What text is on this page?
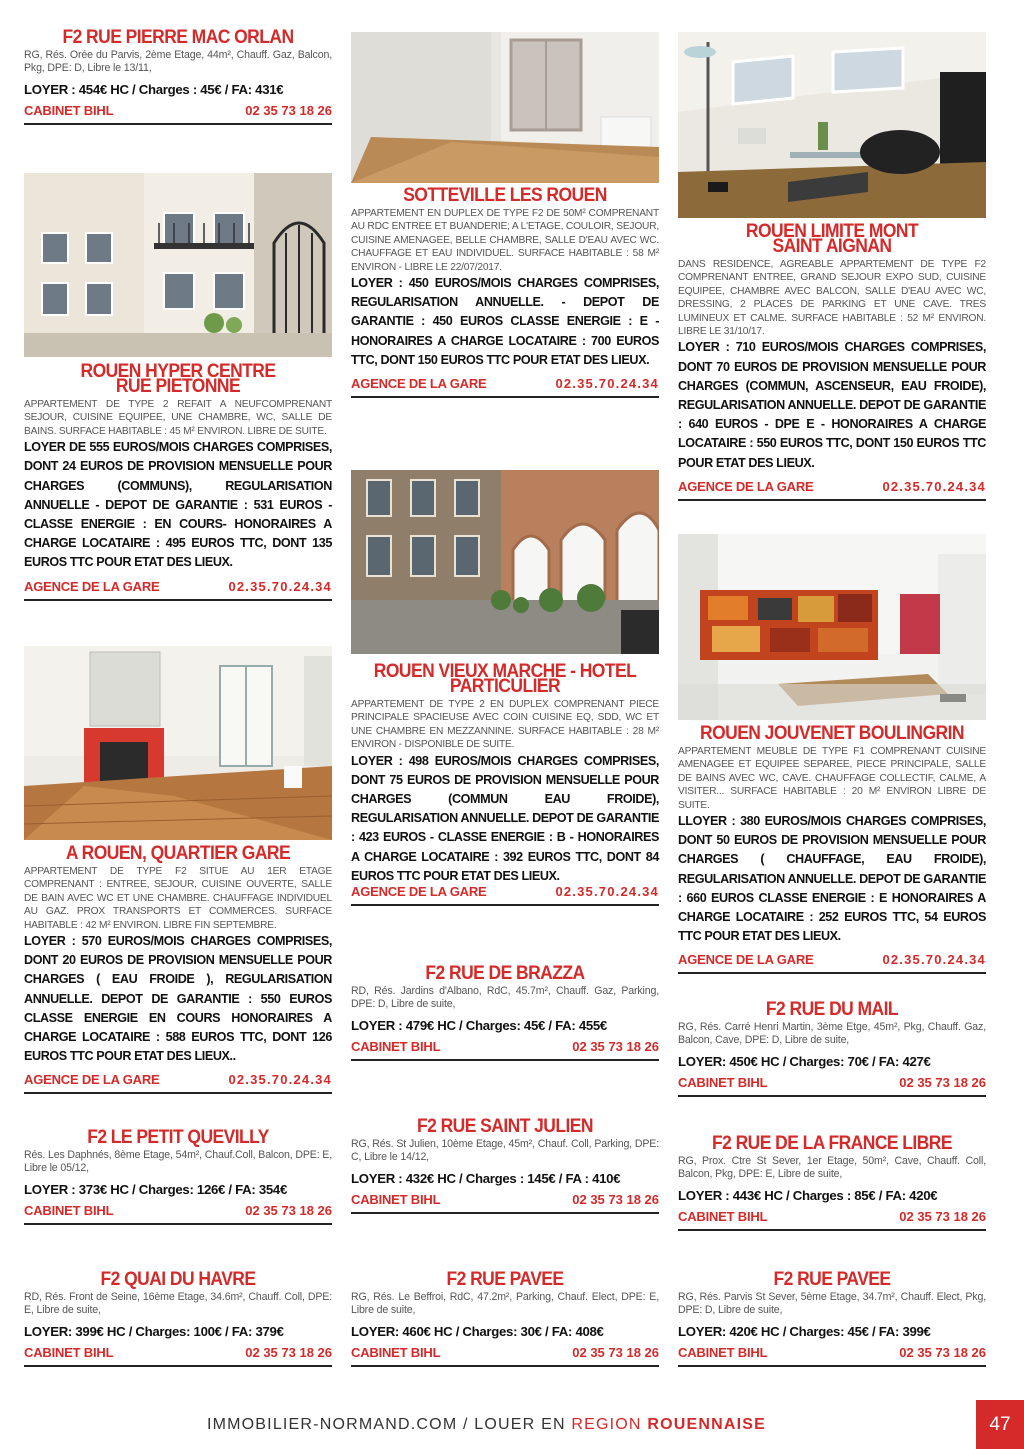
F2 RUE PIERRE MAC ORLAN
RG, Rés. Orée du Parvis, 2ème Etage, 44m², Chauff. Gaz, Balcon, Pkg, DPE: D, Libre le 13/11,
LOYER : 454€ HC / Charges : 45€ / FA: 431€
CABINET BIHL	02 35 73 18 26
ROUEN HYPER CENTRE RUE PIETONNE
APPARTEMENT DE TYPE 2 REFAIT A NEUFCOMPRENANT SEJOUR, CUISINE EQUIPEE, UNE CHAMBRE, WC, SALLE DE BAINS. SURFACE HABITABLE : 45 M² ENVIRON. LIBRE DE SUITE.
LOYER DE 555 EUROS/MOIS CHARGES COMPRISES, DONT 24 EUROS DE PROVISION MENSUELLE POUR CHARGES (COMMUNS), REGULARISATION ANNUELLE - DEPOT DE GARANTIE : 531 EUROS - CLASSE ENERGIE : EN COURS- HONORAIRES A CHARGE LOCATAIRE : 495 EUROS TTC, DONT 135 EUROS TTC POUR ETAT DES LIEUX.
AGENCE DE LA GARE	02.35.70.24.34
A ROUEN, QUARTIER GARE
APPARTEMENT DE TYPE F2 SITUE AU 1ER ETAGE COMPRENANT : ENTREE, SEJOUR, CUISINE OUVERTE, SALLE DE BAIN AVEC WC ET UNE CHAMBRE. CHAUFFAGE INDIVIDUEL AU GAZ. PROX TRANSPORTS ET COMMERCES. SURFACE HABITABLE : 42 M² ENVIRON. LIBRE FIN SEPTEMBRE.
LOYER : 570 EUROS/MOIS CHARGES COMPRISES, DONT 20 EUROS DE PROVISION MENSUELLE POUR CHARGES ( EAU FROIDE ), REGULARISATION ANNUELLE. DEPOT DE GARANTIE : 550 EUROS CLASSE ENERGIE EN COURS HONORAIRES A CHARGE LOCATAIRE : 588 EUROS TTC, DONT 126 EUROS TTC POUR ETAT DES LIEUX..
AGENCE DE LA GARE	02.35.70.24.34
F2 LE PETIT QUEVILLY
Rés. Les Daphnés, 8ème Etage, 54m², Chauf.Coll, Balcon, DPE: E, Libre le 05/12,
LOYER : 373€ HC / Charges: 126€ / FA: 354€
CABINET BIHL	02 35 73 18 26
F2 QUAI DU HAVRE
RD, Rés. Front de Seine, 16ème Etage, 34.6m², Chauff. Coll, DPE: E, Libre de suite,
LOYER: 399€ HC / Charges: 100€ / FA: 379€
CABINET BIHL	02 35 73 18 26
SOTTEVILLE LES ROUEN
APPARTEMENT EN DUPLEX DE TYPE F2 DE 50M² COMPRENANT AU RDC ENTREE ET BUANDERIE; A L'ETAGE, COULOIR, SEJOUR, CUISINE AMENAGEE, BELLE CHAMBRE, SALLE D'EAU AVEC WC. CHAUFFAGE ET EAU INDIVIDUEL. SURFACE HABITABLE : 58 M² ENVIRON - LIBRE LE 22/07/2017.
LOYER : 450 EUROS/MOIS CHARGES COMPRISES, REGULARISATION ANNUELLE. - DEPOT DE GARANTIE : 450 EUROS CLASSE ENERGIE : E - HONORAIRES A CHARGE LOCATAIRE : 700 EUROS TTC, DONT 150 EUROS TTC POUR ETAT DES LIEUX.
AGENCE DE LA GARE	02.35.70.24.34
ROUEN VIEUX MARCHE - HOTEL PARTICULIER
APPARTEMENT DE TYPE 2 EN DUPLEX COMPRENANT PIECE PRINCIPALE SPACIEUSE AVEC COIN CUISINE EQ, SDD, WC ET UNE CHAMBRE EN MEZZANNINE. SURFACE HABITABLE : 28 M² ENVIRON - DISPONIBLE DE SUITE.
LOYER : 498 EUROS/MOIS CHARGES COMPRISES, DONT 75 EUROS DE PROVISION MENSUELLE POUR CHARGES (COMMUN EAU FROIDE), REGULARISATION ANNUELLE. DEPOT DE GARANTIE : 423 EUROS - CLASSE ENERGIE : B - HONORAIRES A CHARGE LOCATAIRE : 392 EUROS TTC, DONT 84 EUROS TTC POUR ETAT DES LIEUX.
AGENCE DE LA GARE	02.35.70.24.34
F2 RUE DE BRAZZA
RD, Rés. Jardins d'Albano, RdC, 45.7m², Chauff. Gaz, Parking, DPE: D, Libre de suite,
LOYER : 479€ HC / Charges: 45€ / FA: 455€
CABINET BIHL	02 35 73 18 26
F2 RUE SAINT JULIEN
RG, Rés. St Julien, 10ème Etage, 45m², Chauf. Coll, Parking, DPE: C, Libre le 14/12,
LOYER : 432€ HC / Charges : 145€ / FA : 410€
CABINET BIHL	02 35 73 18 26
F2 RUE PAVEE
RG, Rés. Le Beffroi, RdC, 47.2m², Parking, Chauf. Elect, DPE: E, Libre de suite,
LOYER: 460€ HC / Charges: 30€ / FA: 408€
CABINET BIHL	02 35 73 18 26
ROUEN LIMITE MONT SAINT AIGNAN
DANS RESIDENCE, AGREABLE APPARTEMENT DE TYPE F2 COMPRENANT ENTREE, GRAND SEJOUR EXPO SUD, CUISINE EQUIPEE, CHAMBRE AVEC BALCON, SALLE D'EAU AVEC WC, DRESSING, 2 PLACES DE PARKING ET UNE CAVE. TRES LUMINEUX ET CALME. SURFACE HABITABLE : 52 M² ENVIRON. LIBRE LE 31/10/17.
LOYER : 710 EUROS/MOIS CHARGES COMPRISES, DONT 70 EUROS DE PROVISION MENSUELLE POUR CHARGES (COMMUN, ASCENSEUR, EAU FROIDE), REGULARISATION ANNUELLE. DEPOT DE GARANTIE : 640 EUROS - DPE E - HONORAIRES A CHARGE LOCATAIRE : 550 EUROS TTC, DONT 150 EUROS TTC POUR ETAT DES LIEUX.
AGENCE DE LA GARE	02.35.70.24.34
ROUEN JOUVENET BOULINGRIN
APPARTEMENT MEUBLE DE TYPE F1 COMPRENANT CUISINE AMENAGEE ET EQUIPEE SEPAREE, PIECE PRINCIPALE, SALLE DE BAINS AVEC WC, CAVE. CHAUFFAGE COLLECTIF, CALME, A VISITER... SURFACE HABITABLE : 20 M² ENVIRON LIBRE DE SUITE.
LLOYER : 380 EUROS/MOIS CHARGES COMPRISES, DONT 50 EUROS DE PROVISION MENSUELLE POUR CHARGES ( CHAUFFAGE, EAU FROIDE), REGULARISATION ANNUELLE. DEPOT DE GARANTIE : 660 EUROS CLASSE ENERGIE : E HONORAIRES A CHARGE LOCATAIRE : 252 EUROS TTC, 54 EUROS TTC POUR ETAT DES LIEUX.
AGENCE DE LA GARE	02.35.70.24.34
F2 RUE DU MAIL
RG, Rés. Carré Henri Martin, 3ème Etge, 45m², Pkg, Chauff. Gaz, Balcon, Cave, DPE: D, Libre de suite,
LOYER: 450€ HC / Charges: 70€ / FA: 427€
CABINET BIHL	02 35 73 18 26
F2 RUE DE LA FRANCE LIBRE
RG, Prox. Ctre St Sever, 1er Etage, 50m², Cave, Chauff. Coll, Balcon, Pkg, DPE: E, Libre de suite,
LOYER : 443€ HC / Charges : 85€ / FA: 420€
CABINET BIHL	02 35 73 18 26
F2 RUE PAVEE
RG, Rés. Parvis St Sever, 5ème Etage, 34.7m², Chauff. Elect, Pkg, DPE: D, Libre de suite,
LOYER: 420€ HC / Charges: 45€ / FA: 399€
CABINET BIHL	02 35 73 18 26
IMMOBILIER-NORMAND.COM / LOUER EN REGION ROUENNAISE	47
